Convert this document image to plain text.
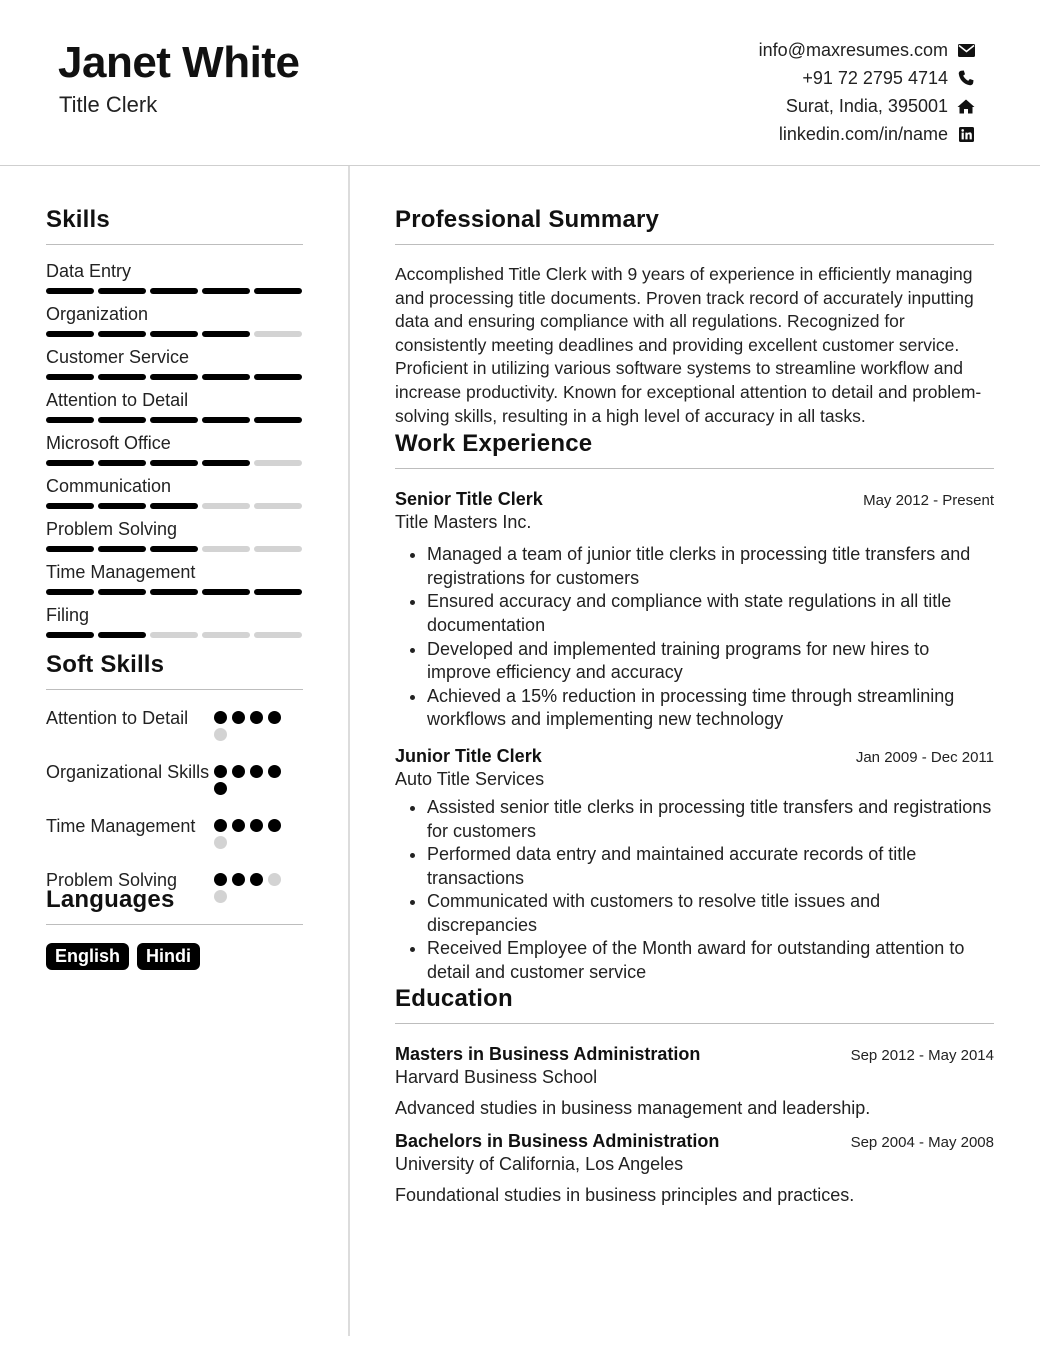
Janet White
Title Clerk
info@maxresumes.com
+91 72 2795 4714
Surat, India, 395001
linkedin.com/in/name
Skills
Data Entry
Organization
Customer Service
Attention to Detail
Microsoft Office
Communication
Problem Solving
Time Management
Filing
Soft Skills
Attention to Detail
Organizational Skills
Time Management
Problem Solving
Languages
English	Hindi
Professional Summary
Accomplished Title Clerk with 9 years of experience in efficiently managing and processing title documents. Proven track record of accurately inputting data and ensuring compliance with all regulations. Recognized for consistently meeting deadlines and providing excellent customer service. Proficient in utilizing various software systems to streamline workflow and increase productivity. Known for exceptional attention to detail and problem-solving skills, resulting in a high level of accuracy in all tasks.
Work Experience
Senior Title Clerk	May 2012 - Present
Title Masters Inc.
• Managed a team of junior title clerks in processing title transfers and registrations for customers
• Ensured accuracy and compliance with state regulations in all title documentation
• Developed and implemented training programs for new hires to improve efficiency and accuracy
• Achieved a 15% reduction in processing time through streamlining workflows and implementing new technology
Junior Title Clerk	Jan 2009 - Dec 2011
Auto Title Services
• Assisted senior title clerks in processing title transfers and registrations for customers
• Performed data entry and maintained accurate records of title transactions
• Communicated with customers to resolve title issues and discrepancies
• Received Employee of the Month award for outstanding attention to detail and customer service
Education
Masters in Business Administration	Sep 2012 - May 2014
Harvard Business School
Advanced studies in business management and leadership.
Bachelors in Business Administration	Sep 2004 - May 2008
University of California, Los Angeles
Foundational studies in business principles and practices.
